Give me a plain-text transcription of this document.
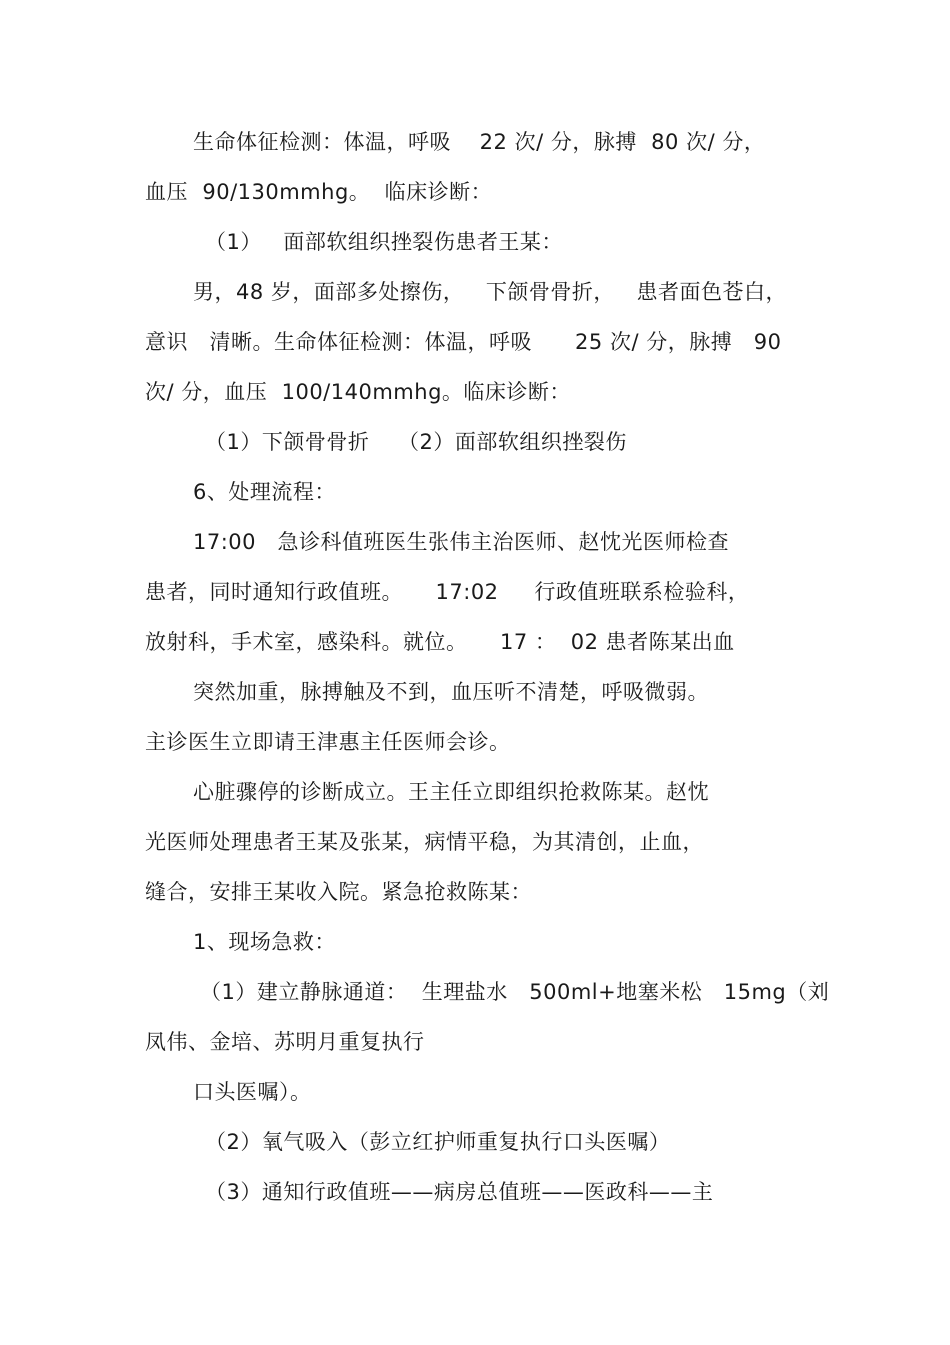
生命体征检测：体温，呼吸　 22 次/ 分，脉搏  80 次/ 分，
血压  90/130mmhg。  临床诊断：
（1）   面部软组织挫裂伤患者王某：
男，48 岁，面部多处擦伤，   下颌骨骨折，   患者面色苍白，
意识   清晰。生命体征检测：体温，呼吸　   25 次/ 分，脉搏   90
次/ 分，血压  100/140mmhg。临床诊断：
（1）下颌骨骨折　 （2）面部软组织挫裂伤
6、处理流程：
17:00   急诊科值班医生张伟主治医师、赵忱光医师检查
患者，同时通知行政值班。　   17:02     行政值班联系检验科，
放射科，手术室，感染科。就位。　   17 ：  02 患者陈某出血
突然加重，脉搏触及不到，血压听不清楚，呼吸微弱。
主诊医生立即请王津惠主任医师会诊。
心脏骤停的诊断成立。王主任立即组织抢救陈某。赵忱
光医师处理患者王某及张某，病情平稳，为其清创，止血，
缝合，安排王某收入院。紧急抢救陈某：
1、现场急救：
（1）建立静脉通道：  生理盐水   500ml+地塞米松   15mg（刘
凤伟、金培、苏明月重复执行
口头医嘱）。
（2）氧气吸入（彭立红护师重复执行口头医嘱）
（3）通知行政值班——病房总值班——医政科——主
